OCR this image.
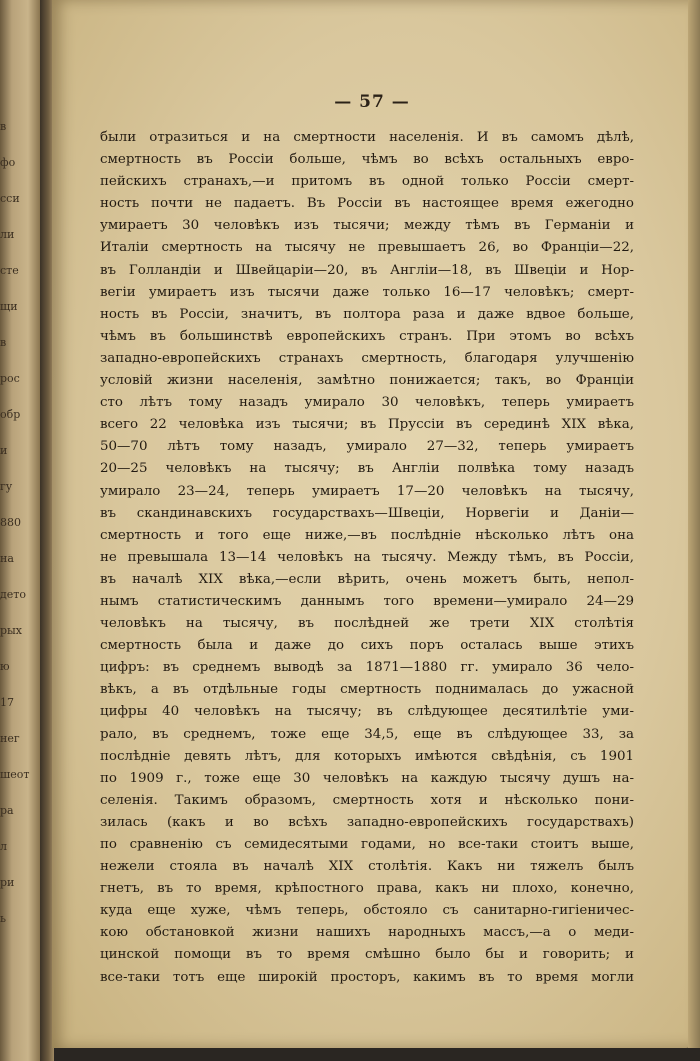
в
фо
сси
ли
сте
щи
в
рос
обр
и
гу
880
на
дето
рых
ю
17
нег
шеот
ра
л
ри
ь
— 57 —
были отразиться и на смертности населенія. И въ самомъ дѣлѣ,
смертность въ Россіи больше, чѣмъ во всѣхъ остальныхъ евро-
пейскихъ странахъ,—и притомъ въ одной только Россіи смерт-
ность почти не падаетъ. Въ Россіи въ настоящее время ежегодно
умираетъ 30 человѣкъ изъ тысячи; между тѣмъ въ Германіи и
Италіи смертность на тысячу не превышаетъ 26, во Франціи—22,
въ Голландіи и Швейцаріи—20, въ Англіи—18, въ Швеціи и Нор-
вегіи умираетъ изъ тысячи даже только 16—17 человѣкъ; смерт-
ность въ Россіи, значитъ, въ полтора раза и даже вдвое больше,
чѣмъ въ большинствѣ европейскихъ странъ. При этомъ во всѣхъ
западно-европейскихъ странахъ смертность, благодаря улучшенію
условій жизни населенія, замѣтно понижается; такъ, во Франціи
сто лѣтъ тому назадъ умирало 30 человѣкъ, теперь умираетъ
всего 22 человѣка изъ тысячи; въ Пруссіи въ серединѣ XIX вѣка,
50—70 лѣтъ тому назадъ, умирало 27—32, теперь умираетъ
20—25 человѣкъ на тысячу; въ Англіи полвѣка тому назадъ
умирало 23—24, теперь умираетъ 17—20 человѣкъ на тысячу,
въ скандинавскихъ государствахъ—Швеціи, Норвегіи и Даніи—
смертность и того еще ниже,—въ послѣдніе нѣсколько лѣтъ она
не превышала 13—14 человѣкъ на тысячу. Между тѣмъ, въ Россіи,
въ началѣ XIX вѣка,—если вѣрить, очень можетъ быть, непол-
нымъ статистическимъ даннымъ того времени—умирало 24—29
человѣкъ на тысячу, въ послѣдней же трети XIX столѣтія
смертность была и даже до сихъ поръ осталась выше этихъ
цифръ: въ среднемъ выводѣ за 1871—1880 гг. умирало 36 чело-
вѣкъ, а въ отдѣльные годы смертность поднималась до ужасной
цифры 40 человѣкъ на тысячу; въ слѣдующее десятилѣтіе уми-
рало, въ среднемъ, тоже еще 34,5, еще въ слѣдующее 33, за
послѣдніе девять лѣтъ, для которыхъ имѣются свѣдѣнія, съ 1901
по 1909 г., тоже еще 30 человѣкъ на каждую тысячу душъ на-
селенія. Такимъ образомъ, смертность хотя и нѣсколько пони-
зилась (какъ и во всѣхъ западно-европейскихъ государствахъ)
по сравненію съ семидесятыми годами, но все-таки стоитъ выше,
нежели стояла въ началѣ XIX столѣтія. Какъ ни тяжелъ былъ
гнетъ, въ то время, крѣпостного права, какъ ни плохо, конечно,
куда еще хуже, чѣмъ теперь, обстояло съ санитарно-гигіеничес-
кою обстановкой жизни нашихъ народныхъ массъ,—а о меди-
цинской помощи въ то время смѣшно было бы и говорить; и
все-таки тотъ еще широкій просторъ, какимъ въ то время могли
